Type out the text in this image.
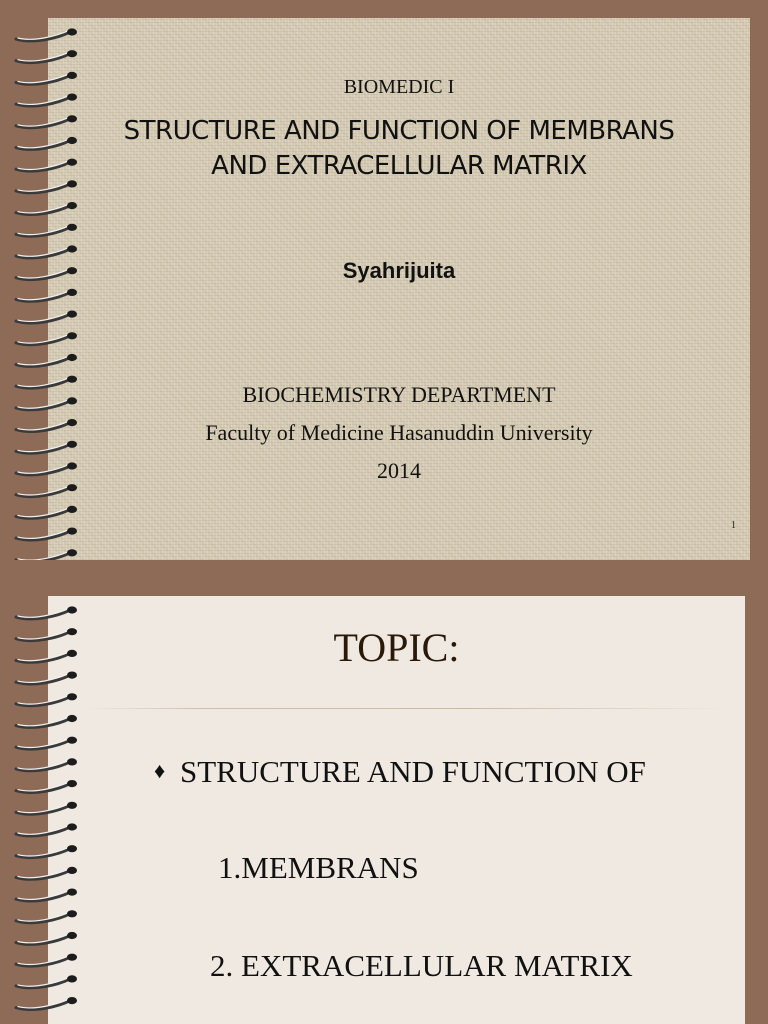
BIOMEDIC I
STRUCTURE AND FUNCTION OF MEMBRANS
AND EXTRACELLULAR MATRIX
Syahrijuita
BIOCHEMISTRY DEPARTMENT
Faculty of Medicine Hasanuddin University
2014
1
TOPIC:
♦ STRUCTURE AND FUNCTION OF
1.MEMBRANS
2. EXTRACELLULAR MATRIX
